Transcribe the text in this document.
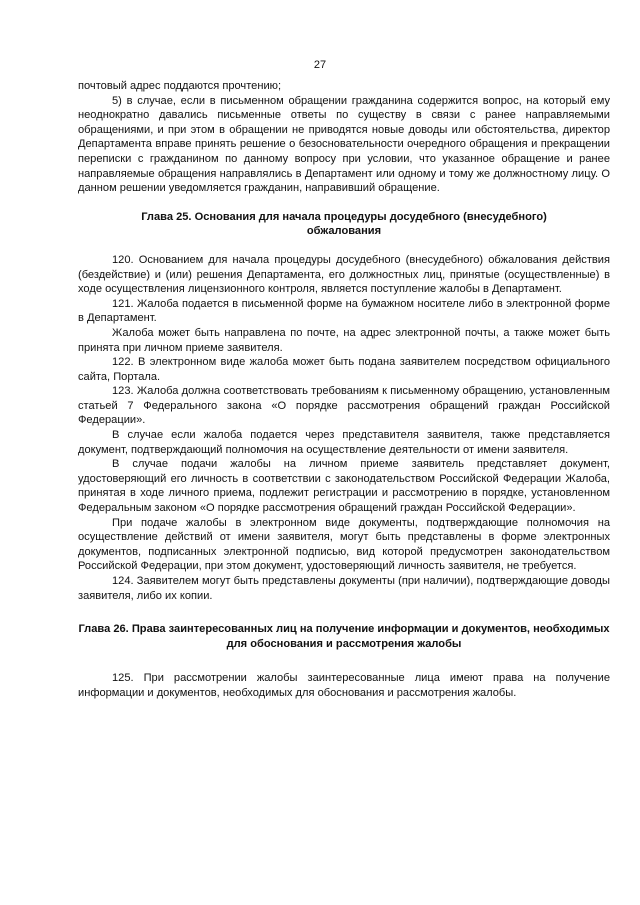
27

почтовый адрес поддаются прочтению;

5) в случае, если в письменном обращении гражданина содержится вопрос, на который ему неоднократно давались письменные ответы по существу в связи с ранее направляемыми обращениями, и при этом в обращении не приводятся новые доводы или обстоятельства, директор Департамента вправе принять решение о безосновательности очередного обращения и прекращении переписки с гражданином по данному вопросу при условии, что указанное обращение и ранее направляемые обращения направлялись в Департамент или одному и тому же должностному лицу. О данном решении уведомляется гражданин, направивший обращение.

Глава 25. Основания для начала процедуры досудебного (внесудебного) обжалования

120. Основанием для начала процедуры досудебного (внесудебного) обжалования действия (бездействие) и (или) решения Департамента, его должностных лиц, принятые (осуществленные) в ходе осуществления лицензионного контроля, является поступление жалобы в Департамент.

121. Жалоба подается в письменной форме на бумажном носителе либо в электронной форме в Департамент.

Жалоба может быть направлена по почте, на адрес электронной почты, а также может быть принята при личном приеме заявителя.

122. В электронном виде жалоба может быть подана заявителем посредством официального сайта, Портала.

123. Жалоба должна соответствовать требованиям к письменному обращению, установленным статьей 7 Федерального закона «О порядке рассмотрения обращений граждан Российской Федерации».

В случае если жалоба подается через представителя заявителя, также представляется документ, подтверждающий полномочия на осуществление деятельности от имени заявителя.

В случае подачи жалобы на личном приеме заявитель представляет документ, удостоверяющий его личность в соответствии с законодательством Российской Федерации Жалоба, принятая в ходе личного приема, подлежит регистрации и рассмотрению в порядке, установленном Федеральным законом «О порядке рассмотрения обращений граждан Российской Федерации».

При подаче жалобы в электронном виде документы, подтверждающие полномочия на осуществление действий от имени заявителя, могут быть представлены в форме электронных документов, подписанных электронной подписью, вид которой предусмотрен законодательством Российской Федерации, при этом документ, удостоверяющий личность заявителя, не требуется.

124. Заявителем могут быть представлены документы (при наличии), подтверждающие доводы заявителя, либо их копии.

Глава 26. Права заинтересованных лиц на получение информации и документов, необходимых для обоснования и рассмотрения жалобы

125. При рассмотрении жалобы заинтересованные лица имеют права на получение информации и документов, необходимых для обоснования и рассмотрения жалобы.
